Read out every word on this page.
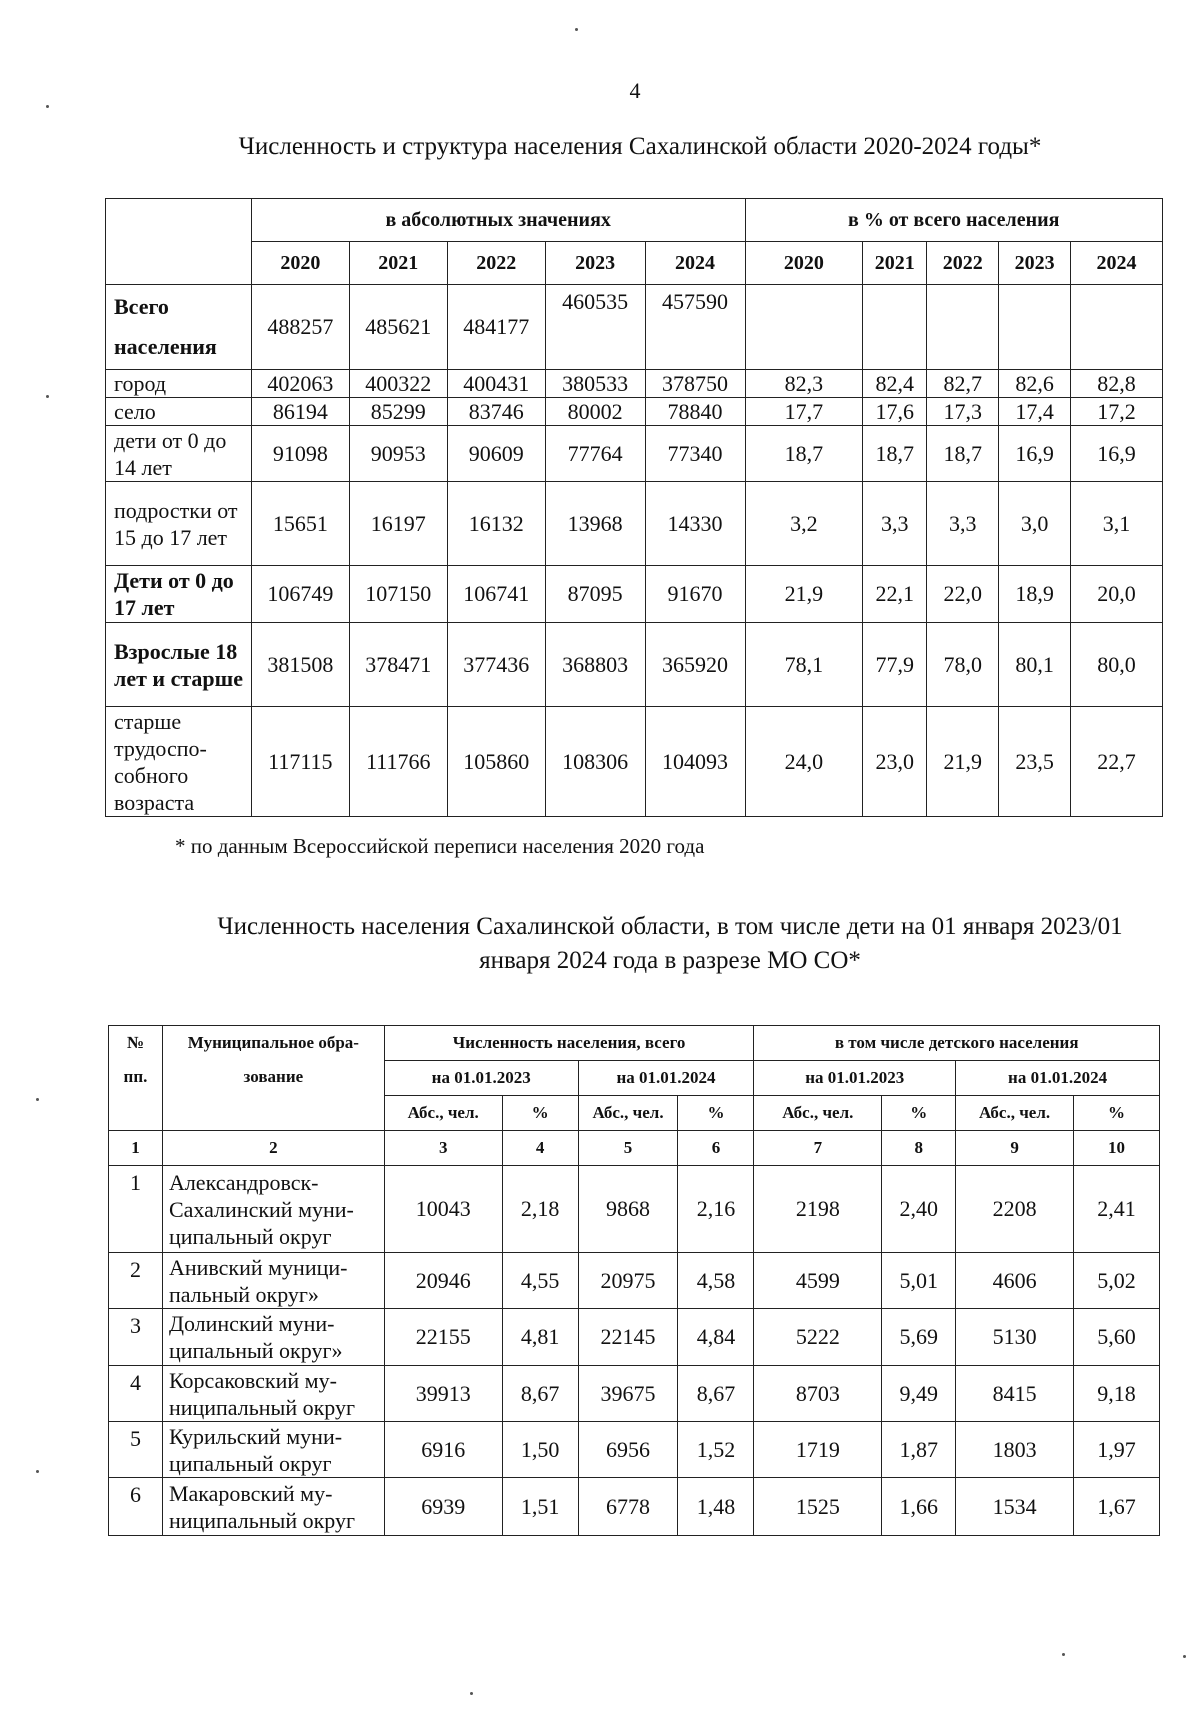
4
Численность и структура населения Сахалинской области 2020-2024 годы*
	в абсолютных значениях					в % от всего населения				
	2020	2021	2022	2023	2024	2020	2021	2022	2023	2024
Всего населения	488257	485621	484177	460535	457590					
город	402063	400322	400431	380533	378750	82,3	82,4	82,7	82,6	82,8
село	86194	85299	83746	80002	78840	17,7	17,6	17,3	17,4	17,2
дети от 0 до 14 лет	91098	90953	90609	77764	77340	18,7	18,7	18,7	16,9	16,9
подростки от 15 до 17 лет	15651	16197	16132	13968	14330	3,2	3,3	3,3	3,0	3,1
Дети от 0 до 17 лет	106749	107150	106741	87095	91670	21,9	22,1	22,0	18,9	20,0
Взрослые 18 лет и старше	381508	378471	377436	368803	365920	78,1	77,9	78,0	80,1	80,0
старше трудоспо-собного возраста	117115	111766	105860	108306	104093	24,0	23,0	21,9	23,5	22,7
* по данным Всероссийской переписи населения 2020 года
Численность населения Сахалинской области, в том числе дети на 01 января 2023/01 января 2024 года в разрезе МО СО*
№	Муниципальное обра-	Численность населения, всего				в том числе детского населения			
пп.	зование	на 01.01.2023		на 01.01.2024		на 01.01.2023		на 01.01.2024	
		Абс., чел.	%	Абс., чел.	%	Абс., чел.	%	Абс., чел.	%
1	2	3	4	5	6	7	8	9	10
1	Александровск-Сахалинский муни-ципальный округ	10043	2,18	9868	2,16	2198	2,40	2208	2,41
2	Анивский муници-пальный округ»	20946	4,55	20975	4,58	4599	5,01	4606	5,02
3	Долинский муни-ципальный округ»	22155	4,81	22145	4,84	5222	5,69	5130	5,60
4	Корсаковский му-ниципальный округ	39913	8,67	39675	8,67	8703	9,49	8415	9,18
5	Курильский муни-ципальный округ	6916	1,50	6956	1,52	1719	1,87	1803	1,97
6	Макаровский му-ниципальный округ	6939	1,51	6778	1,48	1525	1,66	1534	1,67
